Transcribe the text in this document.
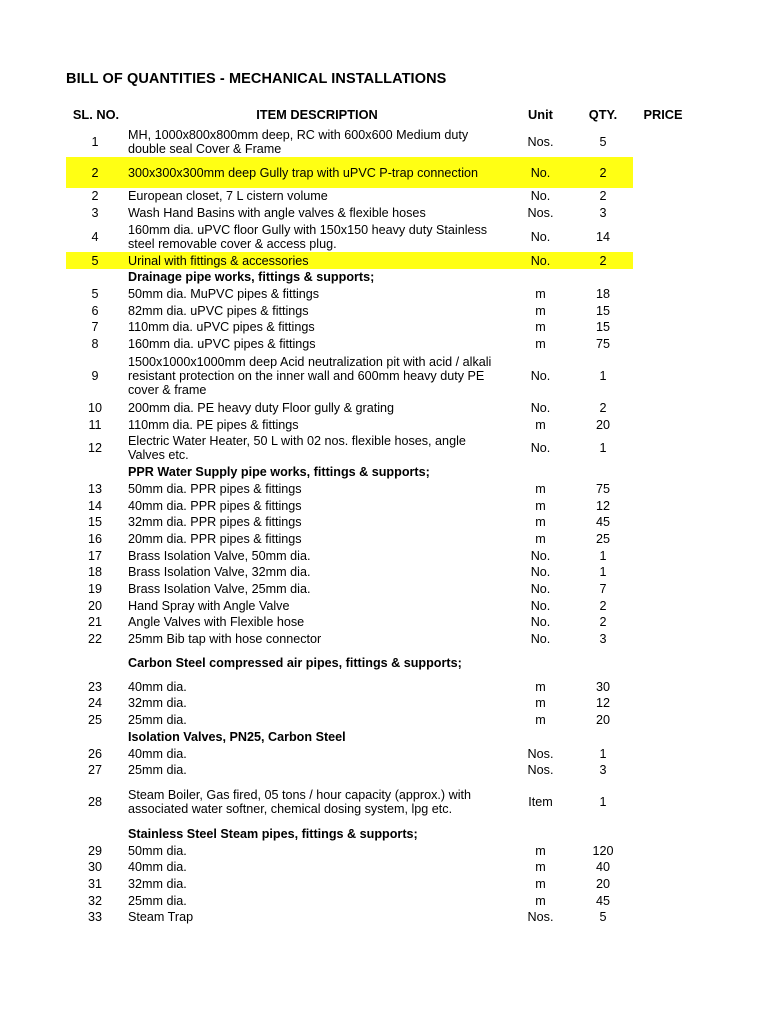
BILL OF QUANTITIES - MECHANICAL INSTALLATIONS
SL. NO.	ITEM DESCRIPTION	Unit	QTY.	PRICE
1	MH, 1000x800x800mm deep, RC with 600x600 Medium duty double seal Cover & Frame	Nos.	5	
2	300x300x300mm deep Gully trap with uPVC P-trap connection	No.	2	
2	European closet, 7 L cistern volume	No.	2	
3	Wash Hand Basins with angle valves & flexible hoses	Nos.	3	
4	160mm dia. uPVC floor Gully with 150x150 heavy duty Stainless steel removable cover & access plug.	No.	14	
5	Urinal with fittings & accessories	No.	2	
	Drainage pipe works, fittings & supports;			
5	50mm dia. MuPVC pipes & fittings	m	18	
6	82mm dia. uPVC pipes & fittings	m	15	
7	110mm dia. uPVC pipes & fittings	m	15	
8	160mm dia. uPVC pipes & fittings	m	75	
9	1500x1000x1000mm deep Acid neutralization pit with acid / alkali resistant protection on the inner wall and 600mm heavy duty PE cover & frame	No.	1	
10	200mm dia. PE heavy duty Floor gully & grating	No.	2	
11	110mm dia. PE pipes & fittings	m	20	
12	Electric Water Heater, 50 L with 02 nos. flexible hoses, angle Valves etc.	No.	1	
	PPR Water Supply pipe works, fittings & supports;			
13	50mm dia. PPR pipes & fittings	m	75	
14	40mm dia. PPR pipes & fittings	m	12	
15	32mm dia. PPR pipes & fittings	m	45	
16	20mm dia. PPR pipes & fittings	m	25	
17	Brass Isolation Valve, 50mm dia.	No.	1	
18	Brass Isolation Valve, 32mm dia.	No.	1	
19	Brass Isolation Valve, 25mm dia.	No.	7	
20	Hand Spray with Angle Valve	No.	2	
21	Angle Valves with Flexible hose	No.	2	
22	25mm Bib tap with hose connector	No.	3	
	Carbon Steel compressed air pipes, fittings & supports;			
23	40mm dia.	m	30	
24	32mm dia.	m	12	
25	25mm dia.	m	20	
	Isolation Valves, PN25, Carbon Steel			
26	40mm dia.	Nos.	1	
27	25mm dia.	Nos.	3	
28	Steam Boiler, Gas fired, 05 tons / hour capacity (approx.) with associated water softner, chemical dosing system, lpg etc.	Item	1	
	Stainless Steel Steam pipes, fittings & supports;			
29	50mm dia.	m	120	
30	40mm dia.	m	40	
31	32mm dia.	m	20	
32	25mm dia.	m	45	
33	Steam Trap	Nos.	5	
